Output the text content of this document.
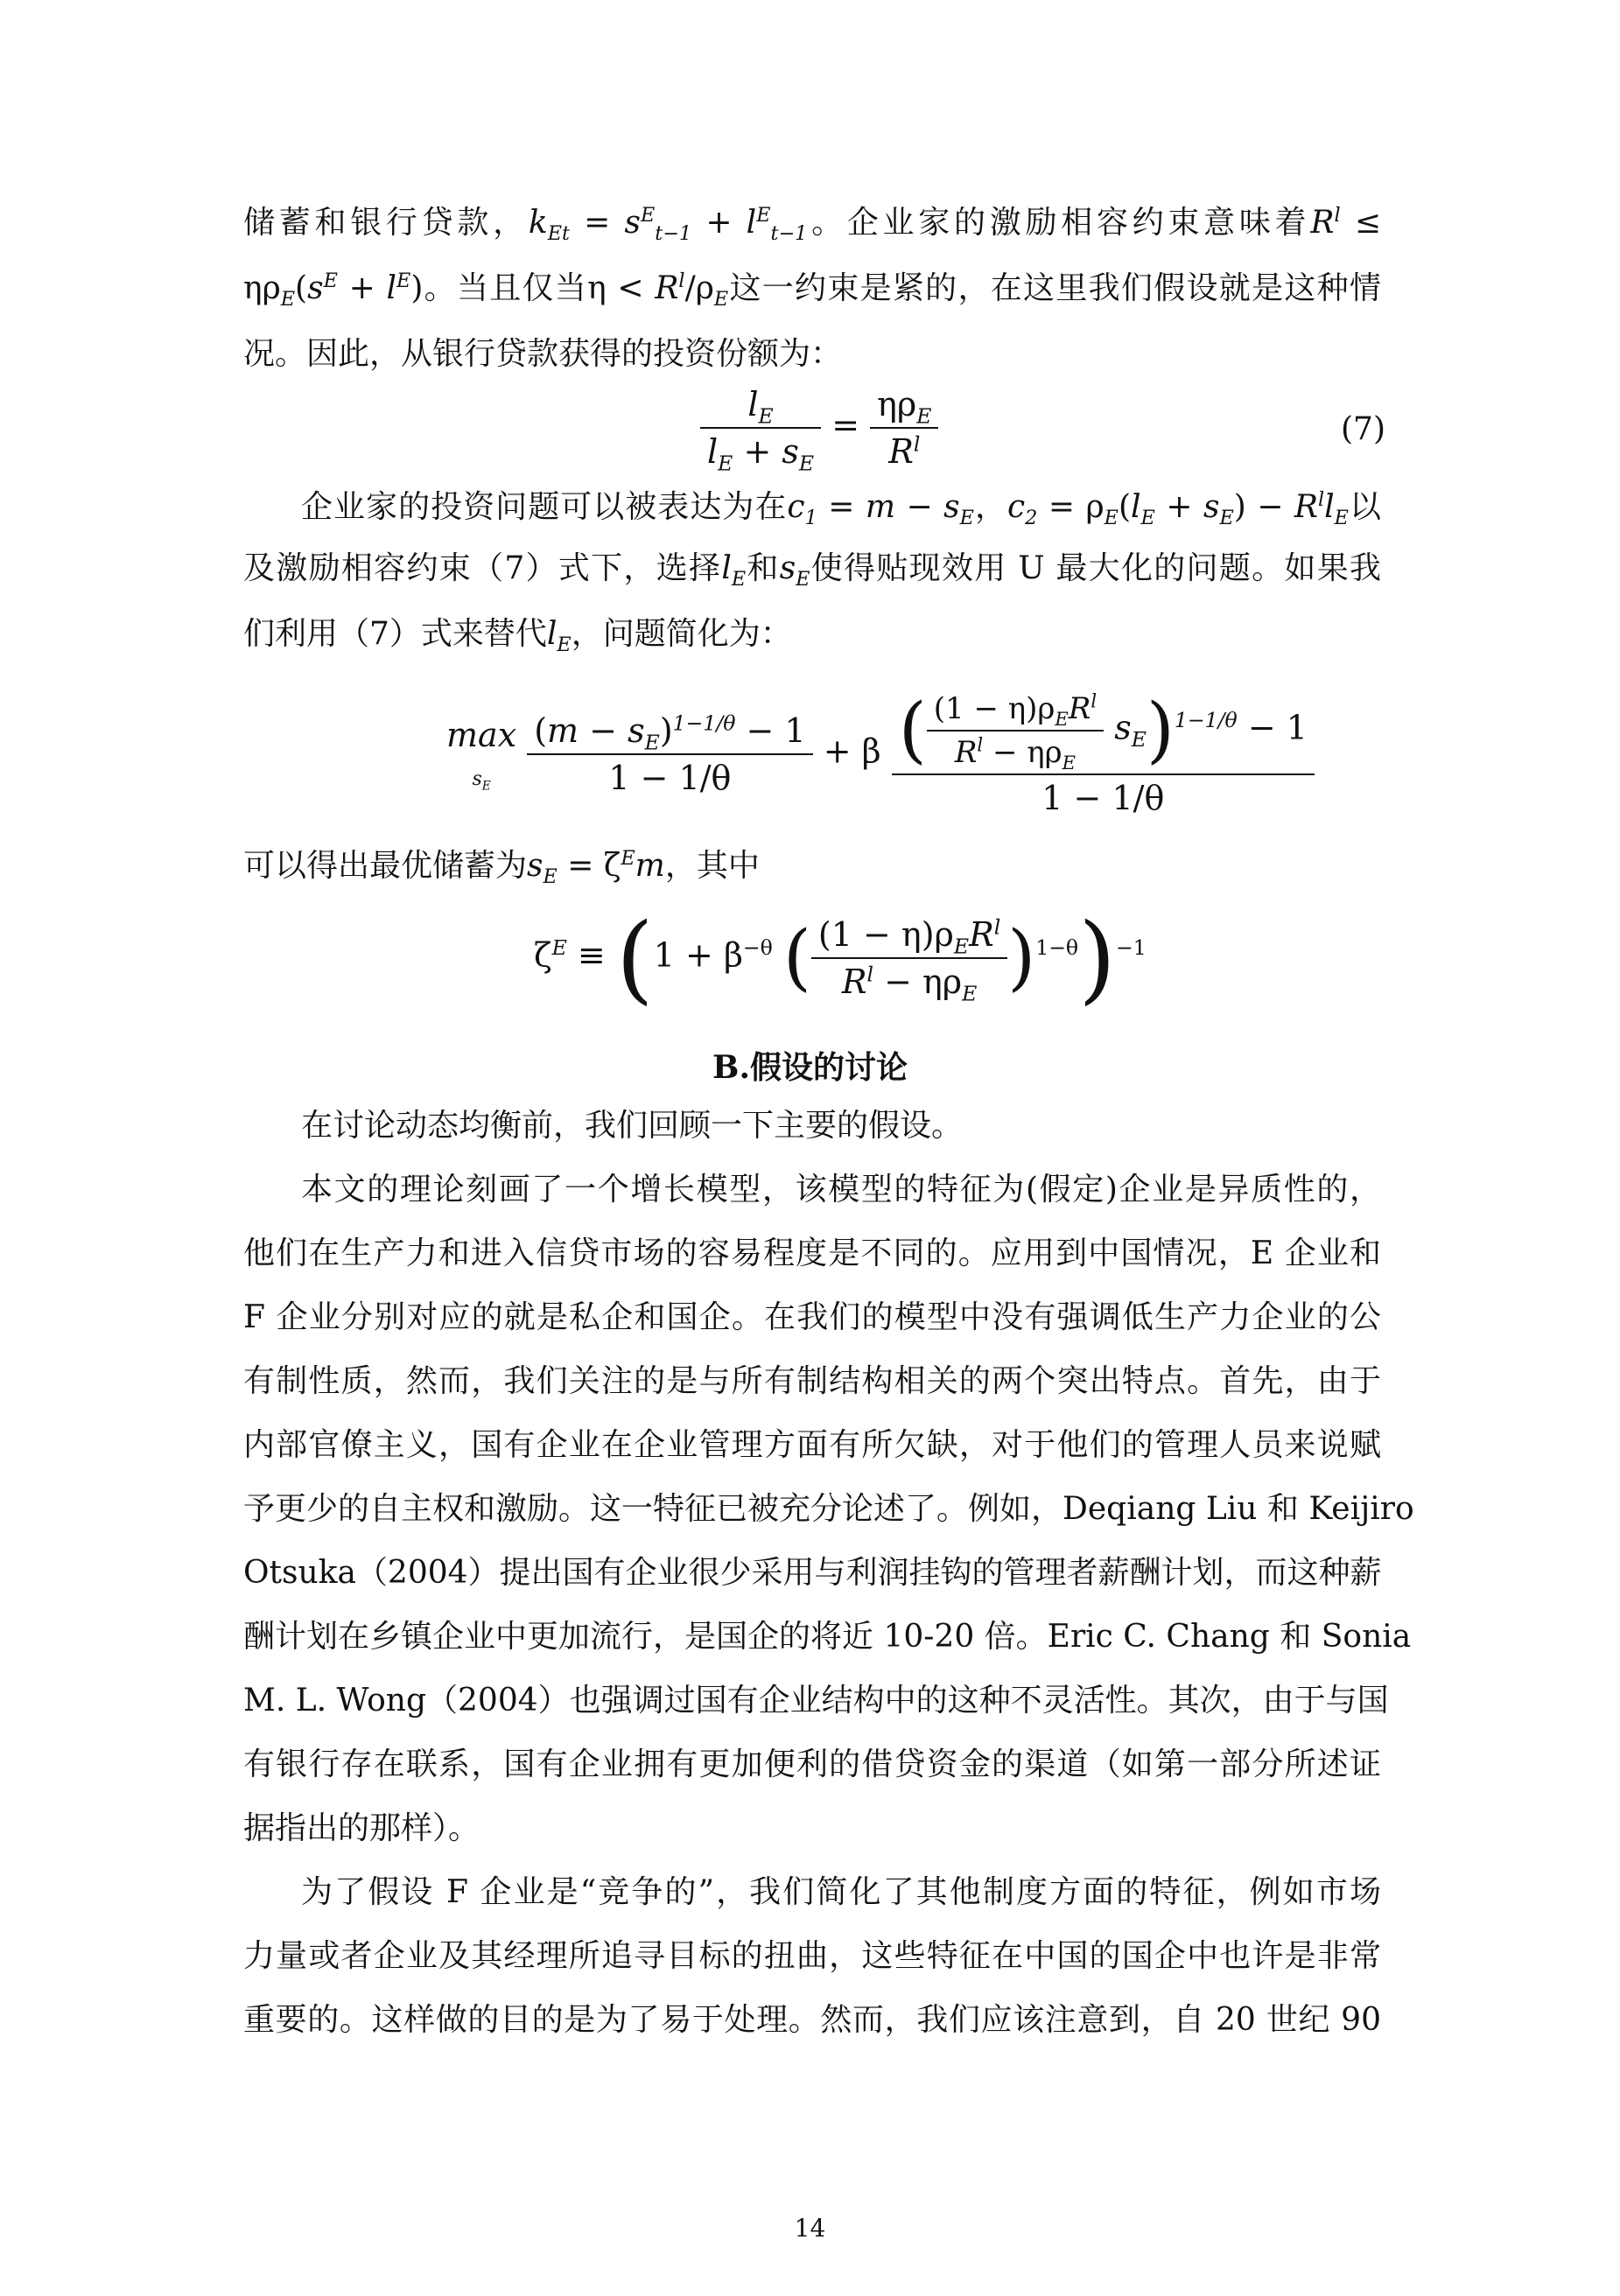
储蓄和银行贷款，$k_{Et} = s^E_{t-1} + l^E_{t-1}$。企业家的激励相容约束意味着$R^l$ ≤
$\eta\rho_E(s^E + l^E)$。当且仅当$\eta < R^l/\rho_E$这一约束是紧的，在这里我们假设就是这种情
况。因此，从银行贷款获得的投资份额为：
$\frac{l_E}{l_E + s_E} = \frac{\eta\rho_E}{R^l}$	(7)
企业家的投资问题可以被表达为在$c_1 = m - s_E$，$c_2 = \rho_E(l_E + s_E) - R^ll_E$以
及激励相容约束（7）式下，选择$l_E$和$s_E$使得贴现效用 U 最大化的问题。如果我
们利用（7）式来替代$l_E$，问题简化为：
max
$s_E \frac{(m - s_E)^{1-1/\theta} - 1}{1 - 1/\theta} + \beta \frac{( \frac{(1 - \eta)\rho_ER^l}{R^l - \eta\rho_E} s_E)^{1-1/\theta} - 1}{1 - 1/\theta}$
可以得出最优储蓄为$s_E = \zeta^Em$，其中
$\zeta^E \equiv (1 + \beta^{-\theta}$ ( $\frac{(1 - \eta)\rho_ER^l}{R^l - \eta\rho_E} )^{1-\theta})^{-1}$
B.假设的讨论
在讨论动态均衡前，我们回顾一下主要的假设。
本文的理论刻画了一个增长模型，该模型的特征为(假定)企业是异质性的，
他们在生产力和进入信贷市场的容易程度是不同的。应用到中国情况，E 企业和
F 企业分别对应的就是私企和国企。在我们的模型中没有强调低生产力企业的公
有制性质，然而，我们关注的是与所有制结构相关的两个突出特点。首先，由于
内部官僚主义，国有企业在企业管理方面有所欠缺，对于他们的管理人员来说赋
予更少的自主权和激励。这一特征已被充分论述了。例如，Deqiang Liu 和 Keijiro
Otsuka（2004）提出国有企业很少采用与利润挂钩的管理者薪酬计划，而这种薪
酬计划在乡镇企业中更加流行，是国企的将近 10-20 倍。Eric C. Chang 和 Sonia
M. L. Wong（2004）也强调过国有企业结构中的这种不灵活性。其次，由于与国
有银行存在联系，国有企业拥有更加便利的借贷资金的渠道（如第一部分所述证
据指出的那样）。
为了假设 F 企业是“竞争的”，我们简化了其他制度方面的特征，例如市场
力量或者企业及其经理所追寻目标的扭曲，这些特征在中国的国企中也许是非常
重要的。这样做的目的是为了易于处理。然而，我们应该注意到，自 20 世纪 90
14
